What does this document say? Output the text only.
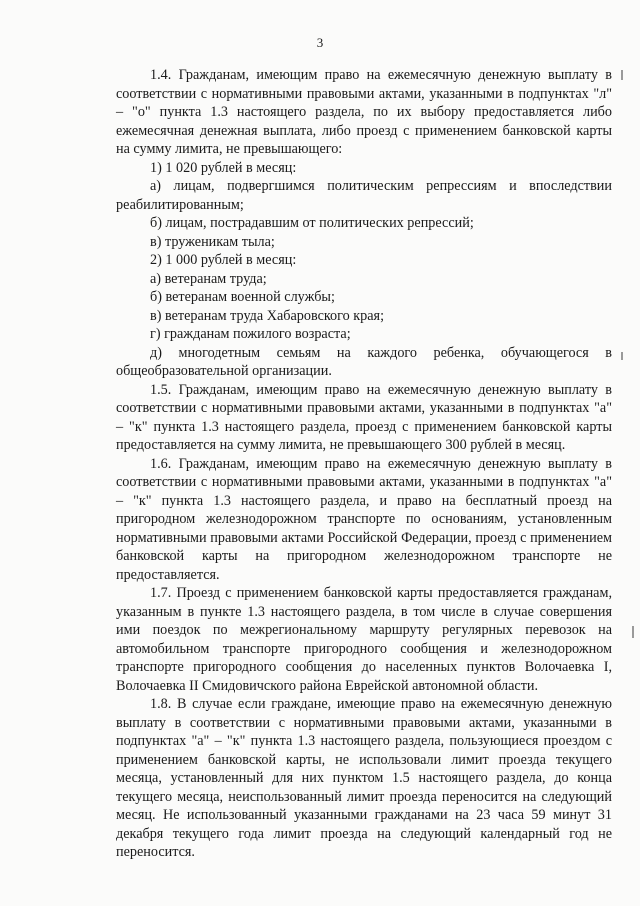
3

1.4. Гражданам, имеющим право на ежемесячную денежную выплату в соответствии с нормативными правовыми актами, указанными в подпунктах "л" – "о" пункта 1.3 настоящего раздела, по их выбору предоставляется либо ежемесячная денежная выплата, либо проезд с применением банковской карты на сумму лимита, не превышающего:

1) 1 020 рублей в месяц:

а) лицам, подвергшимся политическим репрессиям и впоследствии реабилитированным;

б) лицам, пострадавшим от политических репрессий;

в) труженикам тыла;

2) 1 000 рублей в месяц:

а) ветеранам труда;

б) ветеранам военной службы;

в) ветеранам труда Хабаровского края;

г) гражданам пожилого возраста;

д) многодетным семьям на каждого ребенка, обучающегося в общеобразовательной организации.

1.5. Гражданам, имеющим право на ежемесячную денежную выплату в соответствии с нормативными правовыми актами, указанными в подпунктах "а" – "к" пункта 1.3 настоящего раздела, проезд с применением банковской карты предоставляется на сумму лимита, не превышающего 300 рублей в месяц.

1.6. Гражданам, имеющим право на ежемесячную денежную выплату в соответствии с нормативными правовыми актами, указанными в подпунктах "а" – "к" пункта 1.3 настоящего раздела, и право на бесплатный проезд на пригородном железнодорожном транспорте по основаниям, установленным нормативными правовыми актами Российской Федерации, проезд с применением банковской карты на пригородном железнодорожном транспорте не предоставляется.

1.7. Проезд с применением банковской карты предоставляется гражданам, указанным в пункте 1.3 настоящего раздела, в том числе в случае совершения ими поездок по межрегиональному маршруту регулярных перевозок на автомобильном транспорте пригородного сообщения и железнодорожном транспорте пригородного сообщения до населенных пунктов Волочаевка I, Волочаевка II Смидовичского района Еврейской автономной области.

1.8. В случае если граждане, имеющие право на ежемесячную денежную выплату в соответствии с нормативными правовыми актами, указанными в подпунктах "а" – "к" пункта 1.3 настоящего раздела, пользующиеся проездом с применением банковской карты, не использовали лимит проезда текущего месяца, установленный для них пунктом 1.5 настоящего раздела, до конца текущего месяца, неиспользованный лимит проезда переносится на следующий месяц. Не использованный указанными гражданами на 23 часа 59 минут 31 декабря текущего года лимит проезда на следующий календарный год не переносится.
